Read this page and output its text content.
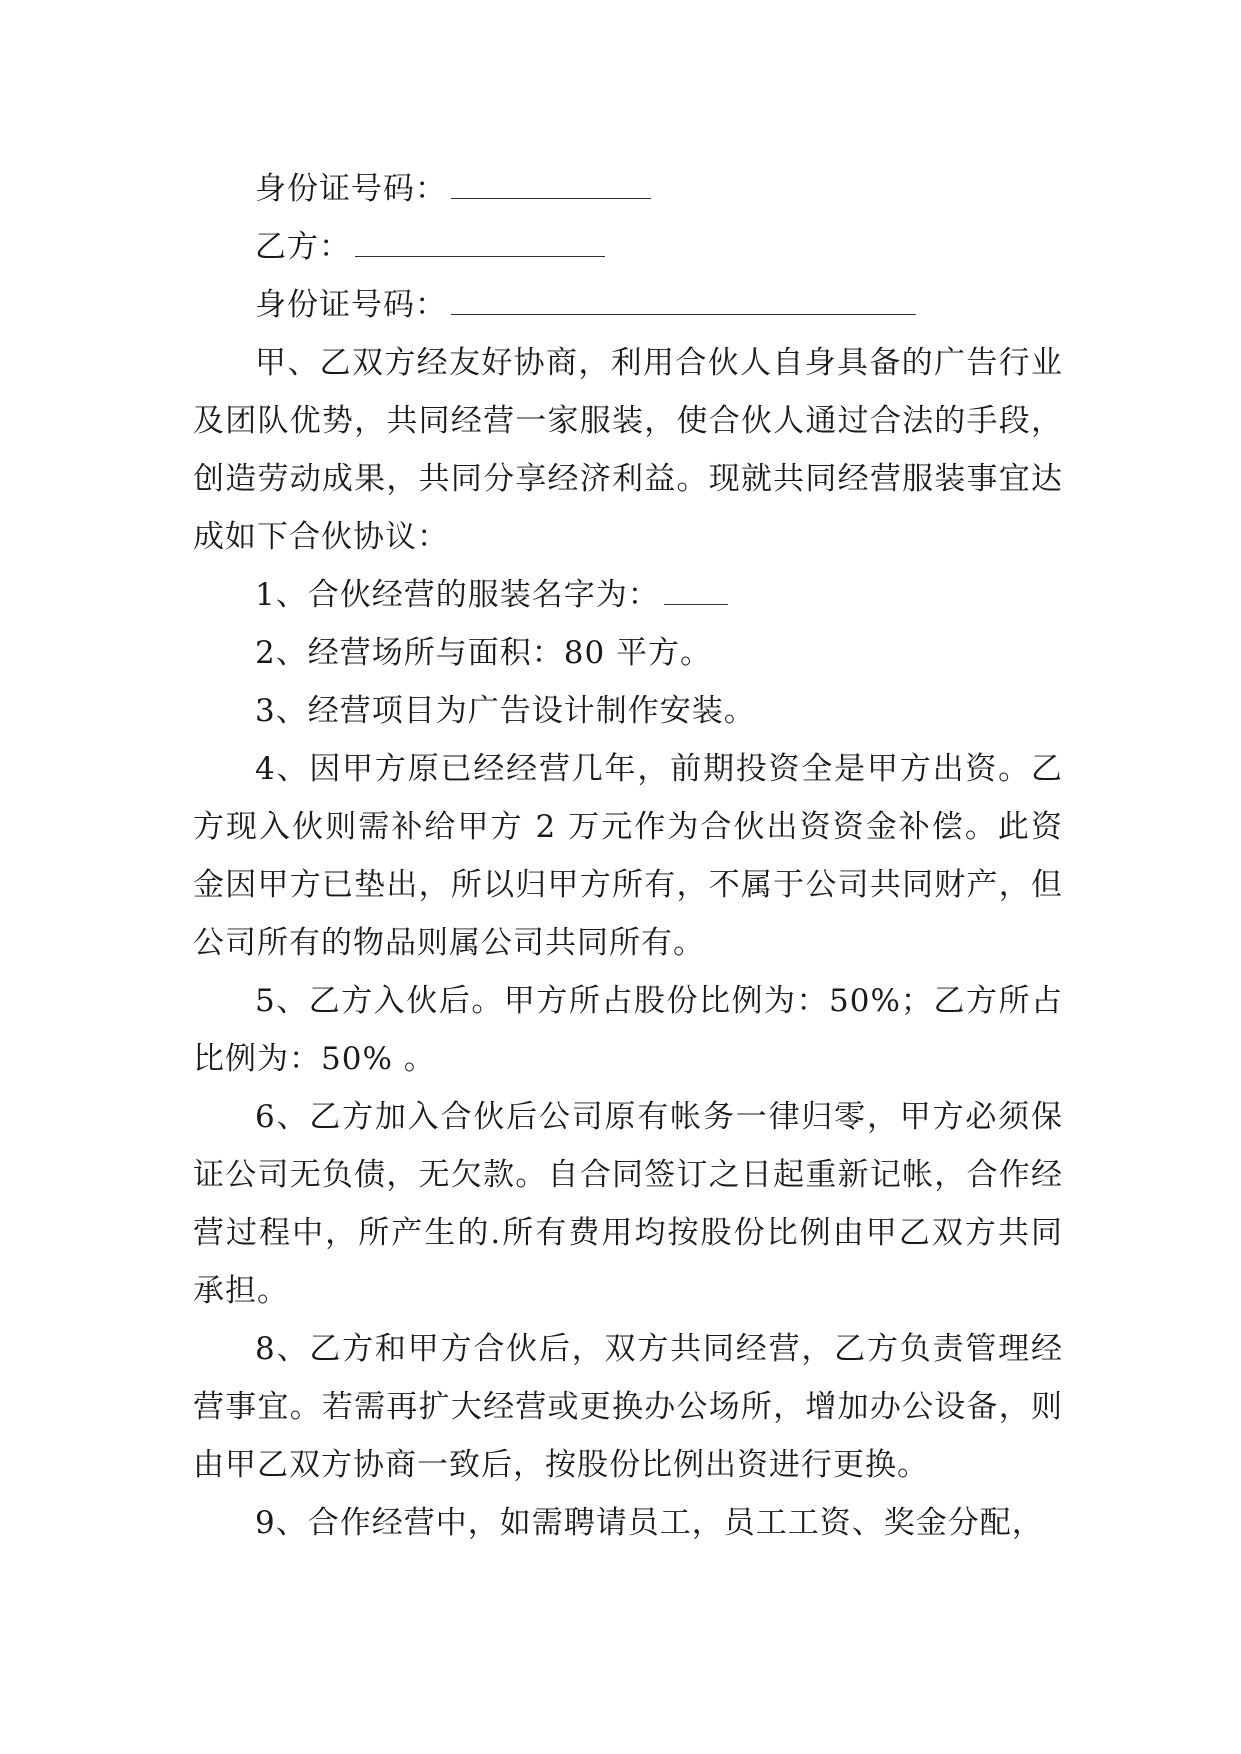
身份证号码：

乙方：

身份证号码：

甲、乙双方经友好协商，利用合伙人自身具备的广告行业及团队优势，共同经营一家服装，使合伙人通过合法的手段，创造劳动成果，共同分享经济利益。现就共同经营服装事宜达成如下合伙协议：

1、合伙经营的服装名字为：

2、经营场所与面积：80 平方。

3、经营项目为广告设计制作安装。

4、因甲方原已经经营几年，前期投资全是甲方出资。乙方现入伙则需补给甲方 2 万元作为合伙出资资金补偿。此资金因甲方已垫出，所以归甲方所有，不属于公司共同财产，但公司所有的物品则属公司共同所有。

5、乙方入伙后。甲方所占股份比例为：50%；乙方所占比例为：50% 。

6、乙方加入合伙后公司原有帐务一律归零，甲方必须保证公司无负债，无欠款。自合同签订之日起重新记帐，合作经营过程中，所产生的.所有费用均按股份比例由甲乙双方共同承担。

8、乙方和甲方合伙后，双方共同经营，乙方负责管理经营事宜。若需再扩大经营或更换办公场所，增加办公设备，则由甲乙双方协商一致后，按股份比例出资进行更换。

9、合作经营中，如需聘请员工，员工工资、奖金分配，
